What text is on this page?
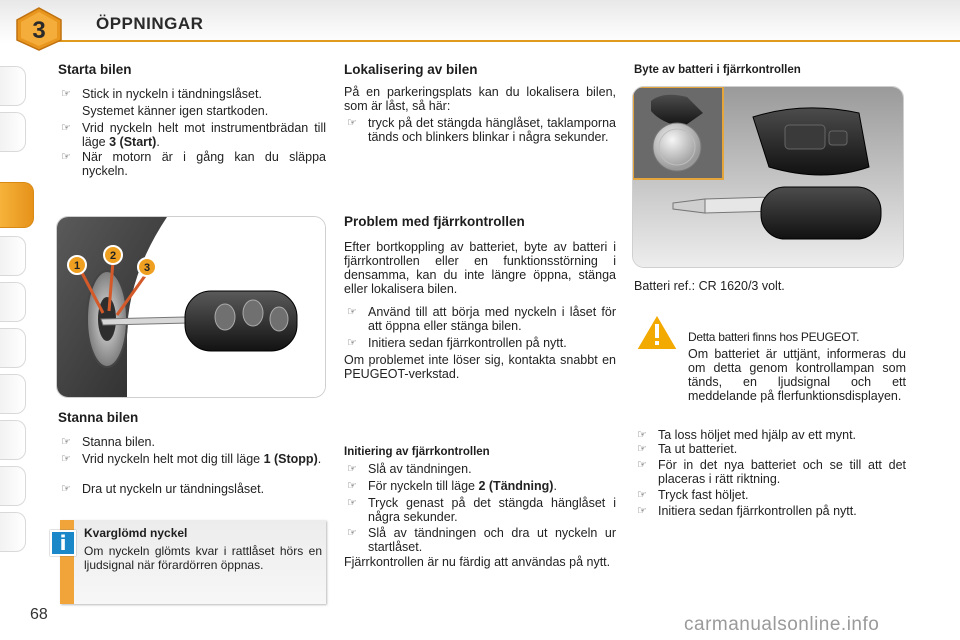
3	ÖPPNINGAR
Starta bilen
☞ Stick in nyckeln i tändningslåset.
Systemet känner igen startkoden.
☞ Vrid nyckeln helt mot instrumentbrädan till läge 3 (Start).
☞ När motorn är i gång kan du släppa nyckeln.
1
2
3
Stanna bilen
☞ Stanna bilen.
☞ Vrid nyckeln helt mot dig till läge 1 (Stopp).
☞ Dra ut nyckeln ur tändningslåset.
Kvarglömd nyckel
Om nyckeln glömts kvar i rattlåset hörs en ljudsignal när förardörren öppnas.
i
Lokalisering av bilen
På en parkeringsplats kan du lokalisera bilen, som är låst, så här:
☞ tryck på det stängda hänglåset, taklamporna tänds och blinkers blinkar i några sekunder.
Problem med fjärrkontrollen
Efter bortkoppling av batteriet, byte av batteri i fjärrkontrollen eller en funktionsstörning i densamma, kan du inte längre öppna, stänga eller lokalisera bilen.
☞ Använd till att börja med nyckeln i låset för att öppna eller stänga bilen.
☞ Initiera sedan fjärrkontrollen på nytt.
Om problemet inte löser sig, kontakta snabbt en PEUGEOT-verkstad.
Initiering av fjärrkontrollen
☞ Slå av tändningen.
☞ För nyckeln till läge 2 (Tändning).
☞ Tryck genast på det stängda hänglåset i några sekunder.
☞ Slå av tändningen och dra ut nyckeln ur startlåset.
Fjärrkontrollen är nu färdig att användas på nytt.
Byte av batteri i fjärrkontrollen
Batteri ref.: CR 1620/3 volt.
Detta batteri finns hos PEUGEOT.
Om batteriet är uttjänt, informeras du om detta genom kontrollampan som tänds, en ljudsignal och ett meddelande på flerfunktionsdisplayen.
☞ Ta loss höljet med hjälp av ett mynt.
☞ Ta ut batteriet.
☞ För in det nya batteriet och se till att det placeras i rätt riktning.
☞ Tryck fast höljet.
☞ Initiera sedan fjärrkontrollen på nytt.
68	carmanualsonline.info
